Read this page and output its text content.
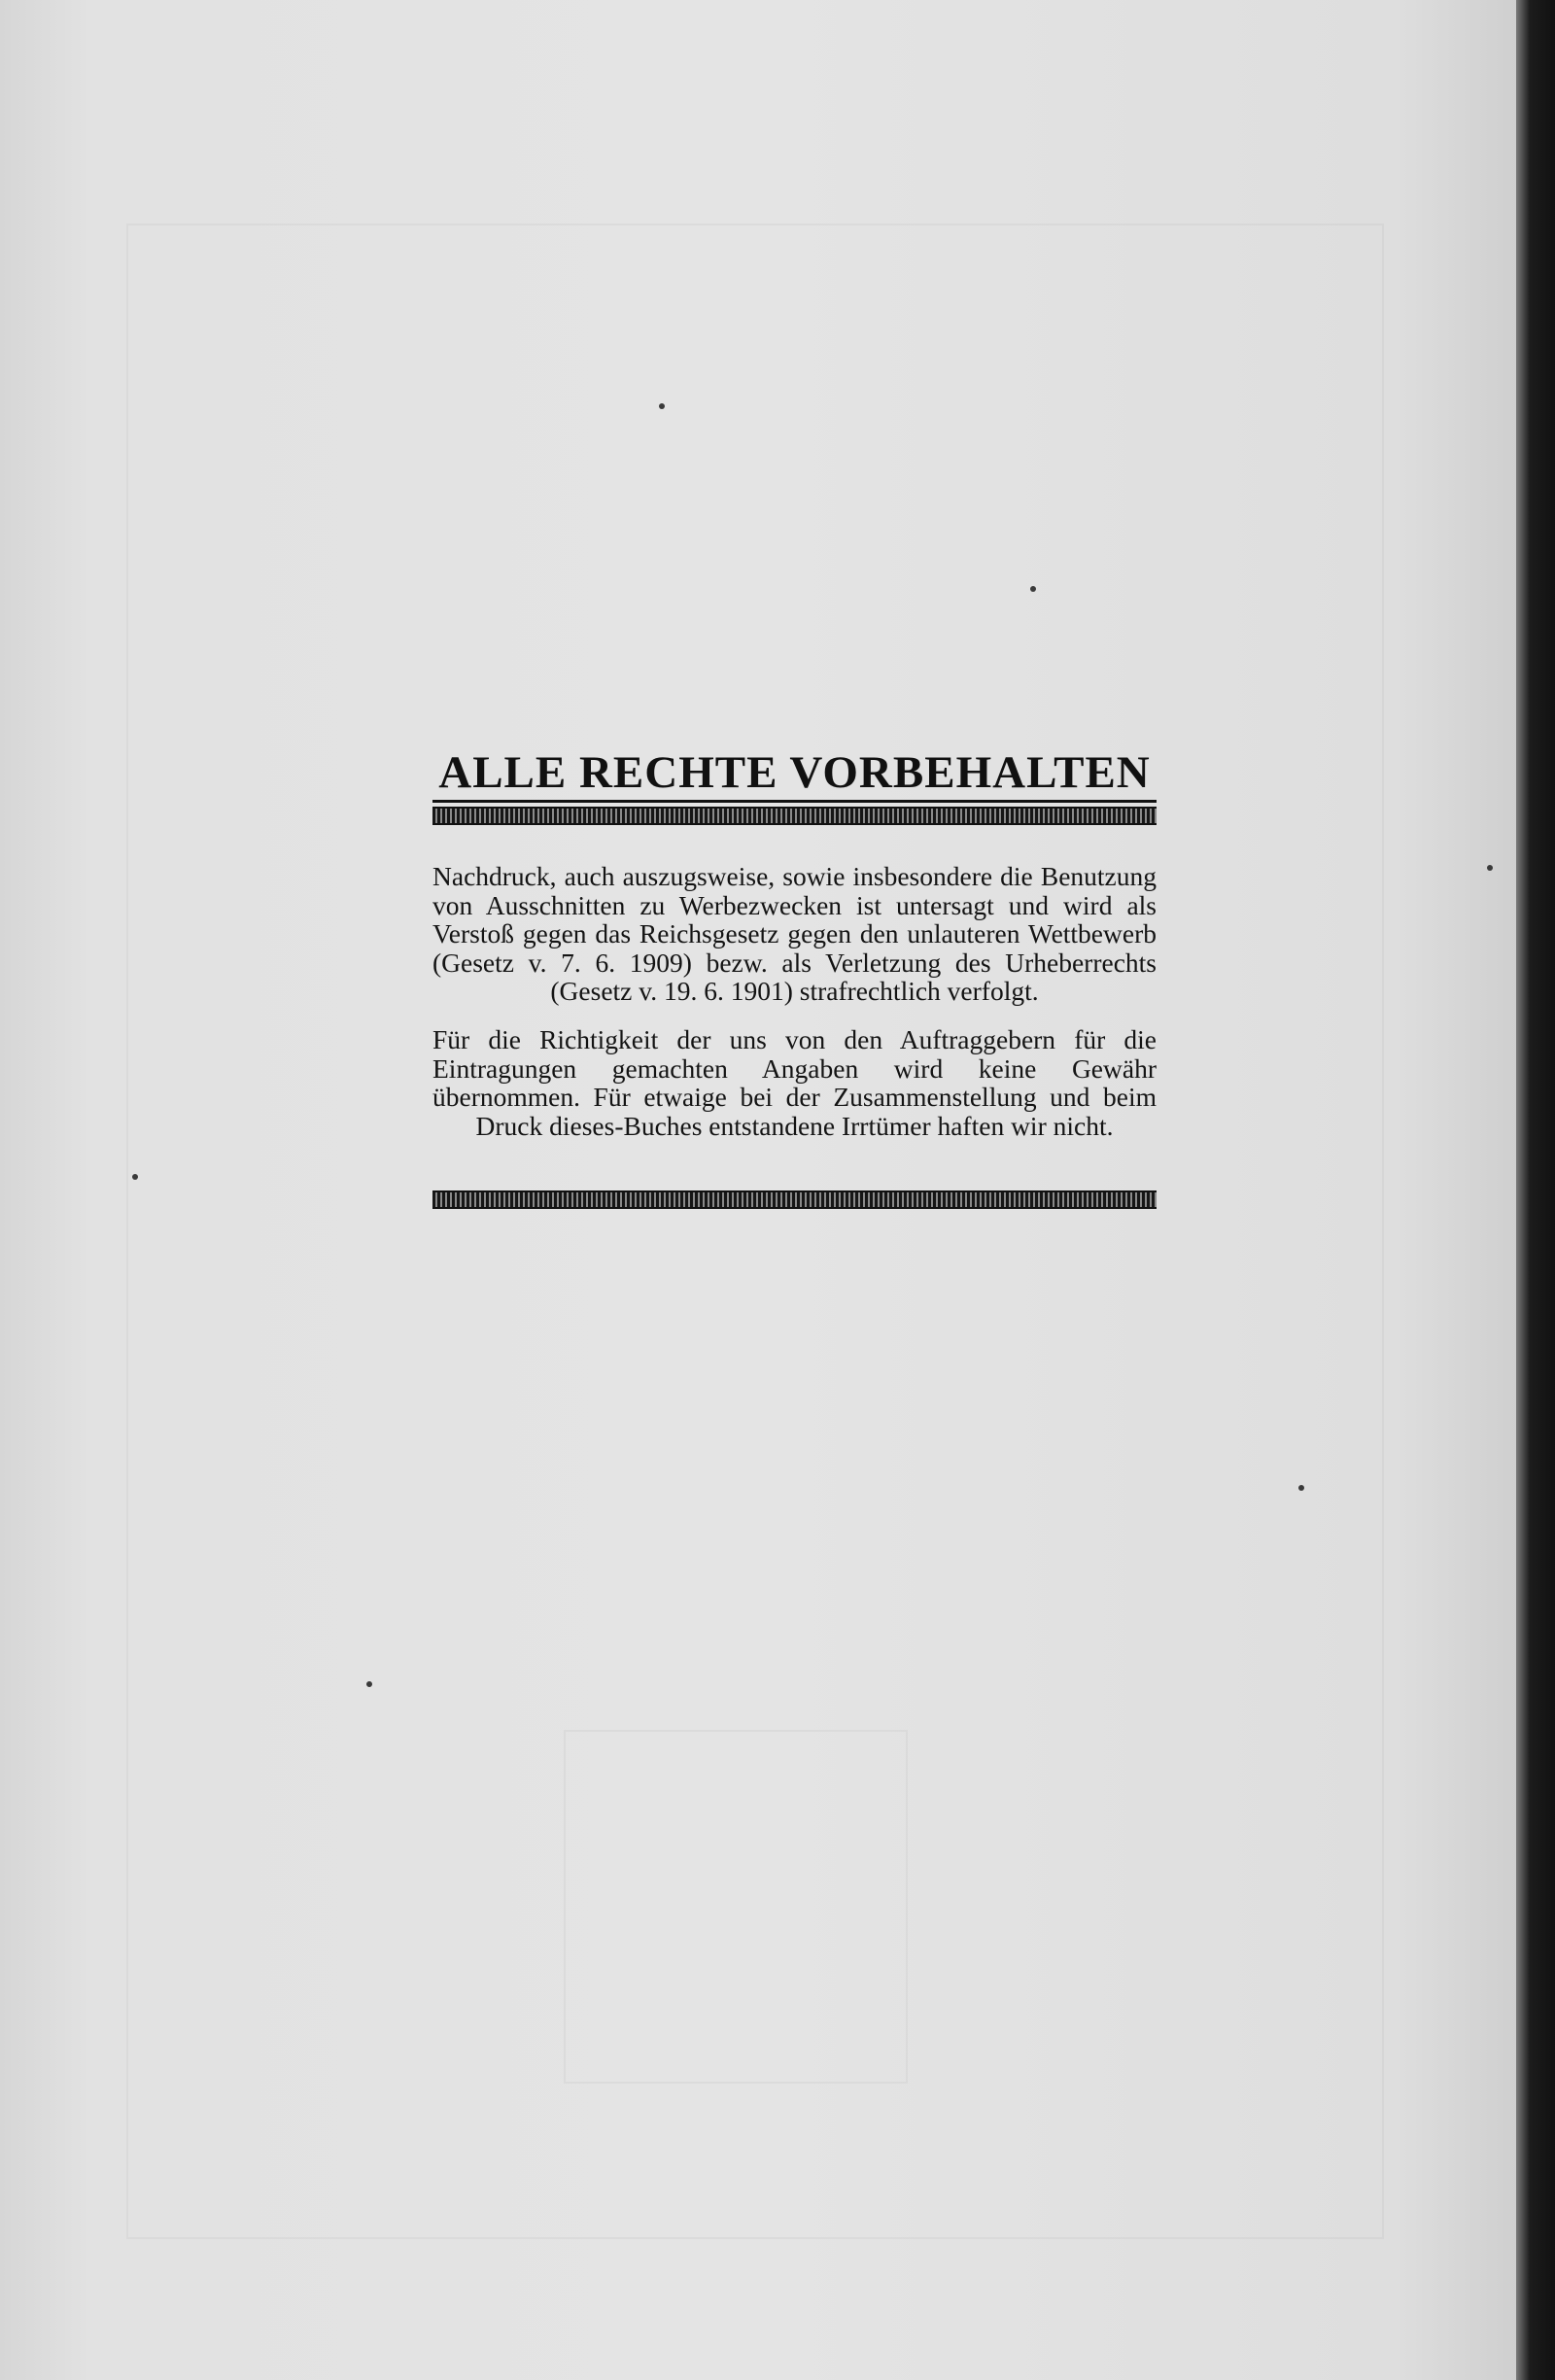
ALLE RECHTE VORBEHALTEN

Nachdruck, auch auszugsweise, sowie insbesondere die Benutzung von Ausschnitten zu Werbezwecken ist untersagt und wird als Verstoß gegen das Reichsgesetz gegen den unlauteren Wettbewerb (Gesetz v. 7. 6. 1909) bezw. als Verletzung des Urheberrechts (Gesetz v. 19. 6. 1901) strafrechtlich verfolgt.

Für die Richtigkeit der uns von den Auftraggebern für die Eintragungen gemachten Angaben wird keine Gewähr übernommen. Für etwaige bei der Zusammenstellung und beim Druck dieses-Buches entstandene Irrtümer haften wir nicht.
